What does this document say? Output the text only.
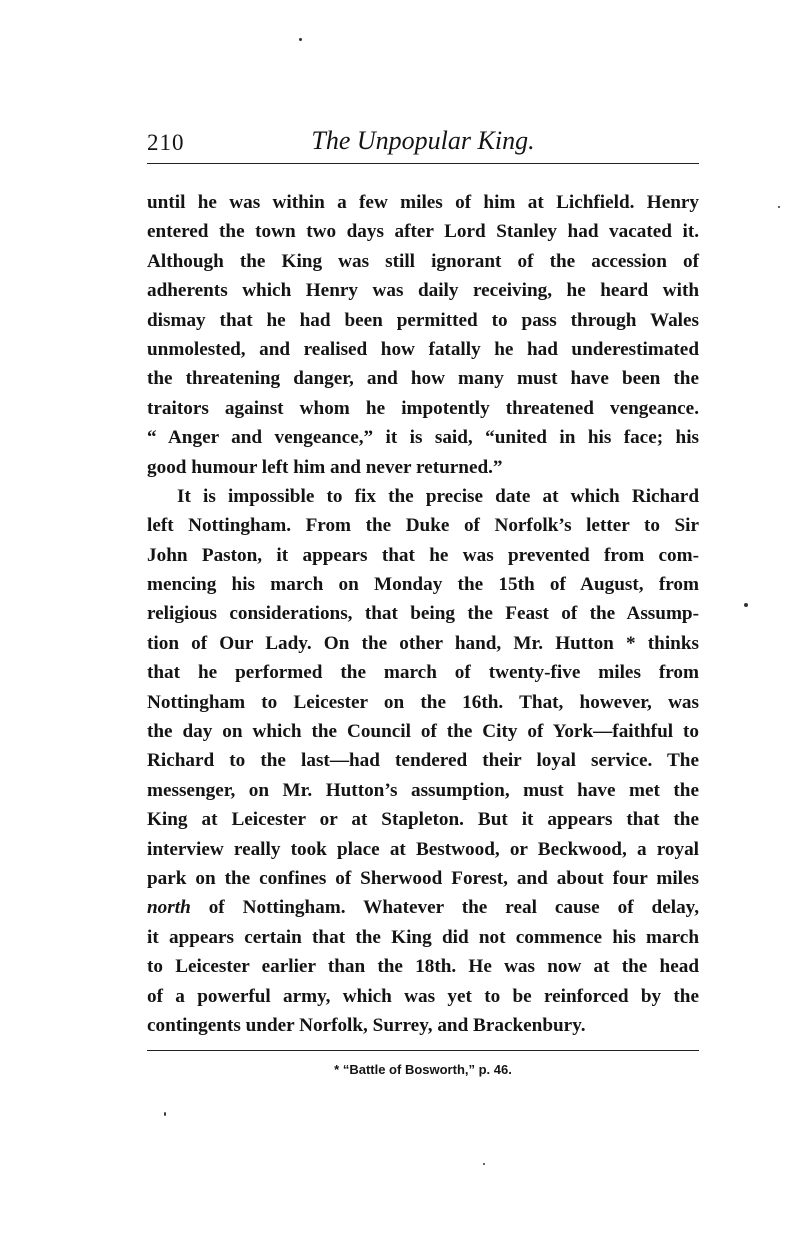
210	The Unpopular King.
until he was within a few miles of him at Lichfield. Henry
entered the town two days after Lord Stanley had vacated it.
Although the King was still ignorant of the accession of
adherents which Henry was daily receiving, he heard with
dismay that he had been permitted to pass through Wales
unmolested, and realised how fatally he had underestimated
the threatening danger, and how many must have been the
traitors against whom he impotently threatened vengeance.
“ Anger and vengeance,” it is said, “united in his face; his
good humour left him and never returned.”
It is impossible to fix the precise date at which Richard
left Nottingham. From the Duke of Norfolk’s letter to Sir
John Paston, it appears that he was prevented from com-
mencing his march on Monday the 15th of August, from
religious considerations, that being the Feast of the Assump-
tion of Our Lady. On the other hand, Mr. Hutton * thinks
that he performed the march of twenty-five miles from
Nottingham to Leicester on the 16th. That, however, was
the day on which the Council of the City of York—faithful to
Richard to the last—had tendered their loyal service. The
messenger, on Mr. Hutton’s assumption, must have met the
King at Leicester or at Stapleton. But it appears that the
interview really took place at Bestwood, or Beckwood, a royal
park on the confines of Sherwood Forest, and about four miles
north of Nottingham. Whatever the real cause of delay,
it appears certain that the King did not commence his march
to Leicester earlier than the 18th. He was now at the head
of a powerful army, which was yet to be reinforced by the
contingents under Norfolk, Surrey, and Brackenbury.
* “Battle of Bosworth,” p. 46.
